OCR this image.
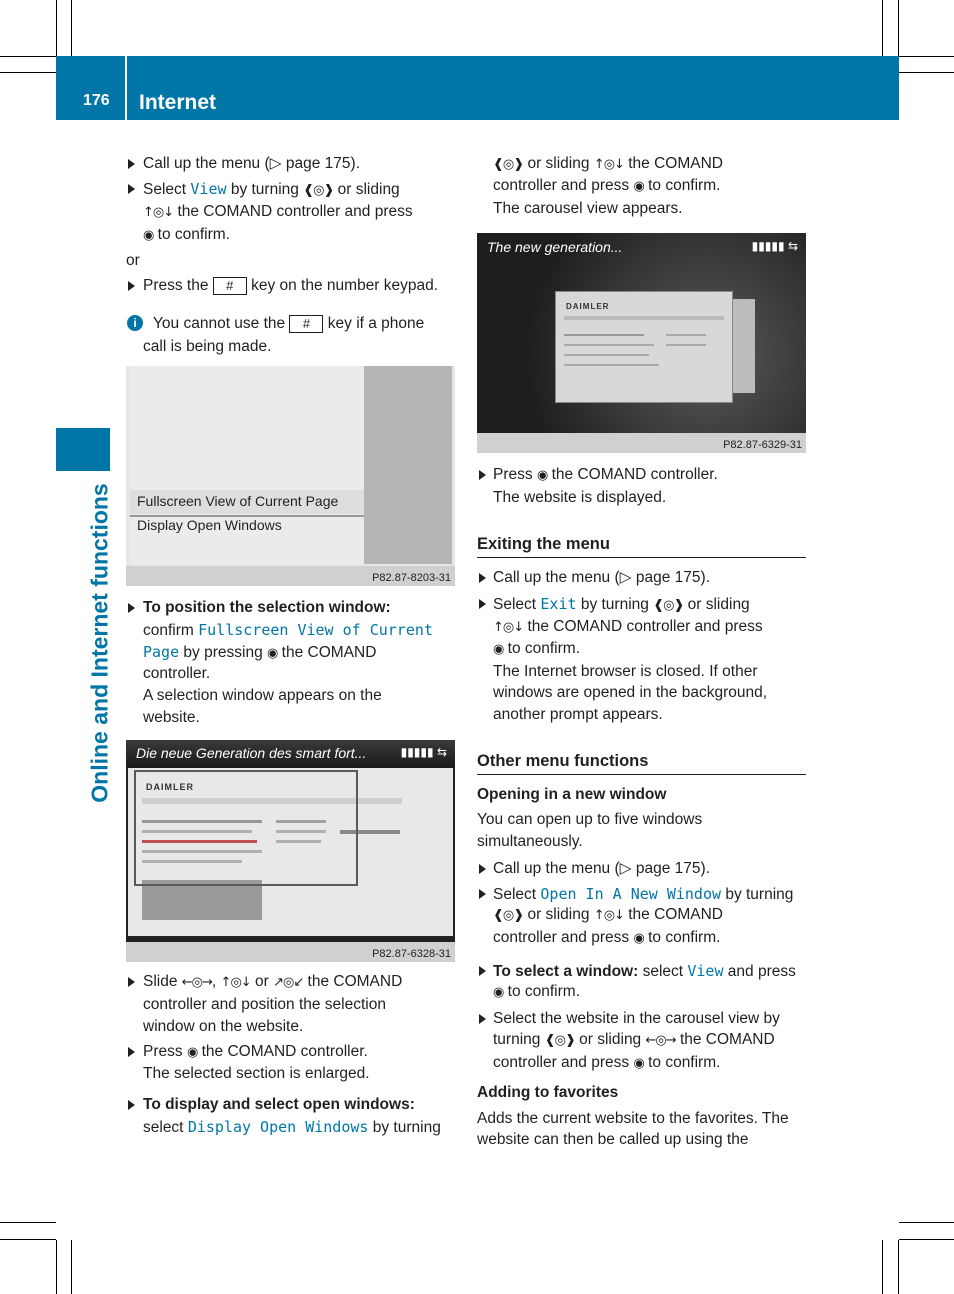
176 Internet
Online and Internet functions
Call up the menu (▷ page 175).
Select View by turning ❰◎❱ or sliding
↑◎↓ the COMAND controller and press
◉ to confirm.
or
Press the # key on the number keypad.
i	You cannot use the # key if a phone
call is being made.
Fullscreen View of Current Page
Display Open Windows
P82.87-8203-31
To position the selection window:
confirm Fullscreen View of Current
Page by pressing ◉ the COMAND
controller.
A selection window appears on the
website.
Die neue Generation des smart fort...	▮▮▮▮▮ ⇆
DAIMLER
P82.87-6328-31
Slide ←◎→, ↑◎↓ or ↗◎↙ the COMAND
controller and position the selection
window on the website.
Press ◉ the COMAND controller.
The selected section is enlarged.
To display and select open windows:
select Display Open Windows by turning
❰◎❱ or sliding ↑◎↓ the COMAND
controller and press ◉ to confirm.
The carousel view appears.
The new generation...	▮▮▮▮▮ ⇆
DAIMLER
P82.87-6329-31
Press ◉ the COMAND controller.
The website is displayed.
Exiting the menu
Call up the menu (▷ page 175).
Select Exit by turning ❰◎❱ or sliding
↑◎↓ the COMAND controller and press
◉ to confirm.
The Internet browser is closed. If other
windows are opened in the background,
another prompt appears.
Other menu functions
Opening in a new window
You can open up to five windows
simultaneously.
Call up the menu (▷ page 175).
Select Open In A New Window by turning
❰◎❱ or sliding ↑◎↓ the COMAND
controller and press ◉ to confirm.
To select a window: select View and press
◉ to confirm.
Select the website in the carousel view by
turning ❰◎❱ or sliding ←◎→ the COMAND
controller and press ◉ to confirm.
Adding to favorites
Adds the current website to the favorites. The
website can then be called up using the
